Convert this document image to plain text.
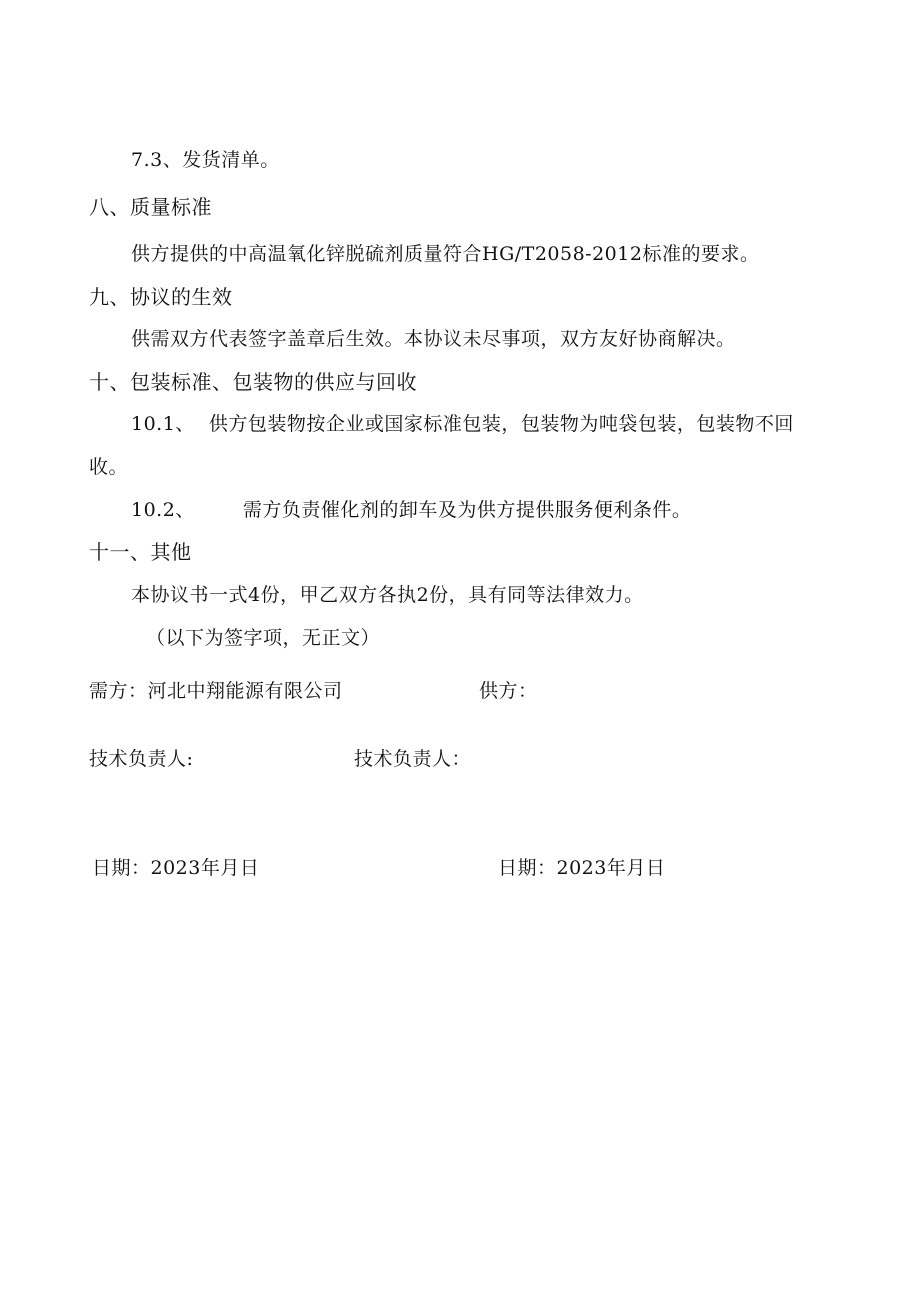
7.3、发货清单。
八、质量标准
供方提供的中高温氧化锌脱硫剂质量符合HG/T2058-2012标准的要求。
九、协议的生效
供需双方代表签字盖章后生效。本协议未尽事项，双方友好协商解决。
十、包装标准、包装物的供应与回收
10.1、 供方包装物按企业或国家标准包装，包装物为吨袋包装，包装物不回
收。
10.2、	需方负责催化剂的卸车及为供方提供服务便利条件。
十一、其他
本协议书一式4份，甲乙双方各执2份，具有同等法律效力。
（以下为签字项，无正文）
需方：河北中翔能源有限公司	供方：
技术负责人:	技术负责人：
日期：2023年月日	日期：2023年月日
